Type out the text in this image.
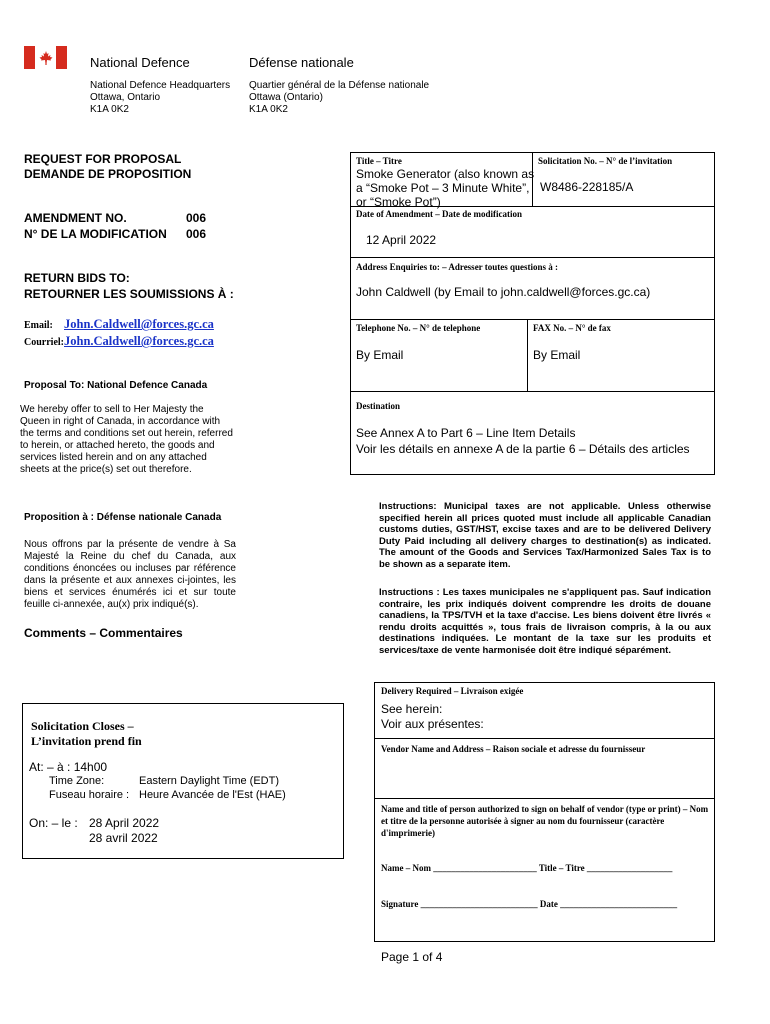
National Defence	Défense nationale
National Defence Headquarters
Ottawa, Ontario
K1A 0K2
Quartier général de la Défense nationale
Ottawa (Ontario)
K1A 0K2
REQUEST FOR PROPOSAL
DEMANDE DE PROPOSITION
AMENDMENT NO.
N° DE LA MODIFICATION
006
006
RETURN BIDS TO:
RETOURNER LES SOUMISSIONS À :
Email: John.Caldwell@forces.gc.ca
Courriel:John.Caldwell@forces.gc.ca
Proposal To: National Defence Canada
We hereby offer to sell to Her Majesty the Queen in right of Canada, in accordance with the terms and conditions set out herein, referred to herein, or attached hereto, the goods and services listed herein and on any attached sheets at the price(s) set out therefore.
Proposition à : Défense nationale Canada
Nous offrons par la présente de vendre à Sa Majesté la Reine du chef du Canada, aux conditions énoncées ou incluses par référence dans la présente et aux annexes ci-jointes, les biens et services énumérés ici et sur toute feuille ci-annexée, au(x) prix indiqué(s).
Comments – Commentaires
Solicitation Closes –
L’invitation prend fin
At: – à : 14h00
Time Zone:
Fuseau horaire :
Eastern Daylight Time (EDT)
Heure Avancée de l'Est (HAE)
On: – le : 28 April 2022
28 avril 2022
Title – Titre
Smoke Generator (also known as
a “Smoke Pot – 3 Minute White”,
or “Smoke Pot”)
Solicitation No. – N° de l’invitation
W8486-228185/A
Date of Amendment – Date de modification
12 April 2022
Address Enquiries to: – Adresser toutes questions à :
John Caldwell (by Email to john.caldwell@forces.gc.ca)
Telephone No. – N° de telephone
By Email
FAX No. – N° de fax
By Email
Destination
See Annex A to Part 6 – Line Item Details
Voir les détails en annexe A de la partie 6 – Détails des articles
Instructions: Municipal taxes are not applicable. Unless otherwise specified herein all prices quoted must include all applicable Canadian customs duties, GST/HST, excise taxes and are to be delivered Delivery Duty Paid including all delivery charges to destination(s) as indicated. The amount of the Goods and Services Tax/Harmonized Sales Tax is to be shown as a separate item.
Instructions : Les taxes municipales ne s'appliquent pas. Sauf indication contraire, les prix indiqués doivent comprendre les droits de douane canadiens, la TPS/TVH et la taxe d'accise. Les biens doivent être livrés « rendu droits acquittés », tous frais de livraison compris, à la ou aux destinations indiquées. Le montant de la taxe sur les produits et services/taxe de vente harmonisée doit être indiqué séparément.
Delivery Required – Livraison exigée
See herein:
Voir aux présentes:
Vendor Name and Address – Raison sociale et adresse du fournisseur
Name and title of person authorized to sign on behalf of vendor (type or print) – Nom et titre de la personne autorisée à signer au nom du fournisseur (caractère d'imprimerie)
Name – Nom _______________________ Title – Titre ___________________
Signature __________________________ Date __________________________
Page 1 of 4
